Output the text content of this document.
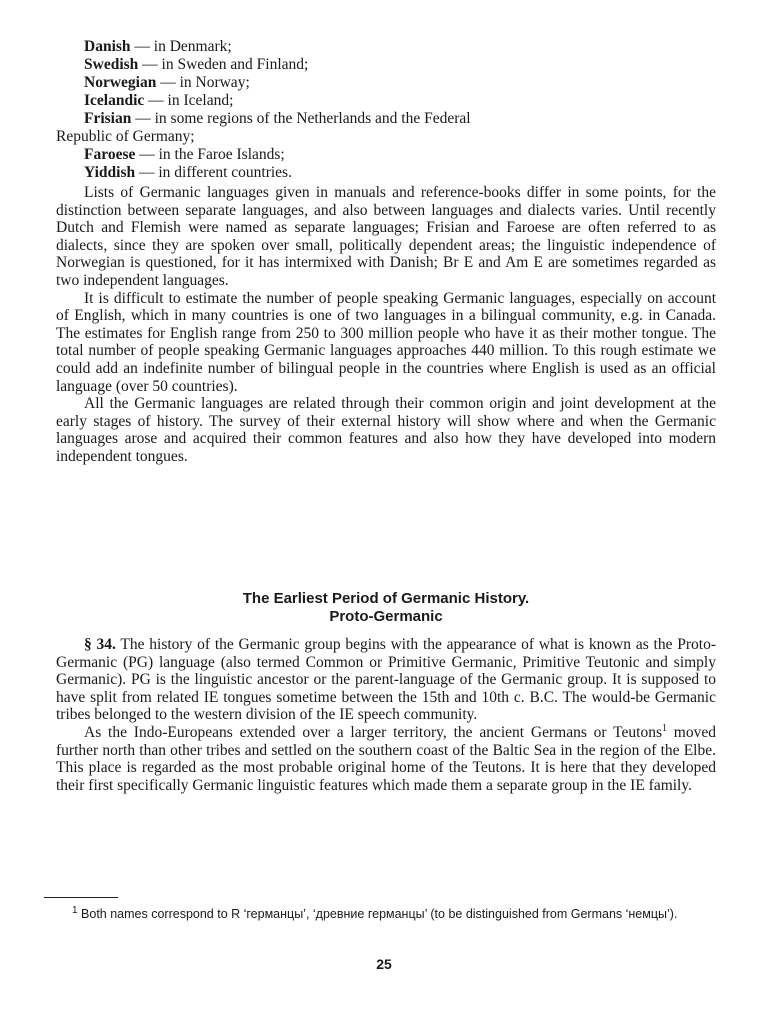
Danish — in Denmark;
Swedish — in Sweden and Finland;
Norwegian — in Norway;
Icelandic — in Iceland;
Frisian — in some regions of the Netherlands and the Federal
Republic of Germany;
Faroese — in the Faroe Islands;
Yiddish — in different countries.

Lists of Germanic languages given in manuals and reference-books differ in some points, for the distinction between separate languages, and also between languages and dialects varies. Until recently Dutch and Flemish were named as separate languages; Frisian and Faroese are often referred to as dialects, since they are spoken over small, politically dependent areas; the linguistic independence of Norwegian is questioned, for it has intermixed with Danish; Br E and Am E are sometimes regarded as two independent languages.

It is difficult to estimate the number of people speaking Germanic languages, especially on account of English, which in many countries is one of two languages in a bilingual community, e.g. in Canada. The estimates for English range from 250 to 300 million people who have it as their mother tongue. The total number of people speaking Germanic languages approaches 440 million. To this rough estimate we could add an indefinite number of bilingual people in the countries where English is used as an official language (over 50 countries).

All the Germanic languages are related through their common origin and joint development at the early stages of history. The survey of their external history will show where and when the Germanic languages arose and acquired their common features and also how they have developed into modern independent tongues.

The Earliest Period of Germanic History.
Proto-Germanic

§ 34. The history of the Germanic group begins with the appearance of what is known as the Proto-Germanic (PG) language (also termed Common or Primitive Germanic, Primitive Teutonic and simply Germanic). PG is the linguistic ancestor or the parent-language of the Germanic group. It is supposed to have split from related IE tongues sometime between the 15th and 10th c. B.C. The would-be Germanic tribes belonged to the western division of the IE speech community.

As the Indo-Europeans extended over a larger territory, the ancient Germans or Teutons$^1$ moved further north than other tribes and settled on the southern coast of the Baltic Sea in the region of the Elbe. This place is regarded as the most probable original home of the Teutons. It is here that they developed their first specifically Germanic linguistic features which made them a separate group in the IE family.

$^1$ Both names correspond to R ‘германцы’, ‘древние германцы’ (to be distinguished from Germans ‘немцы’).
25
